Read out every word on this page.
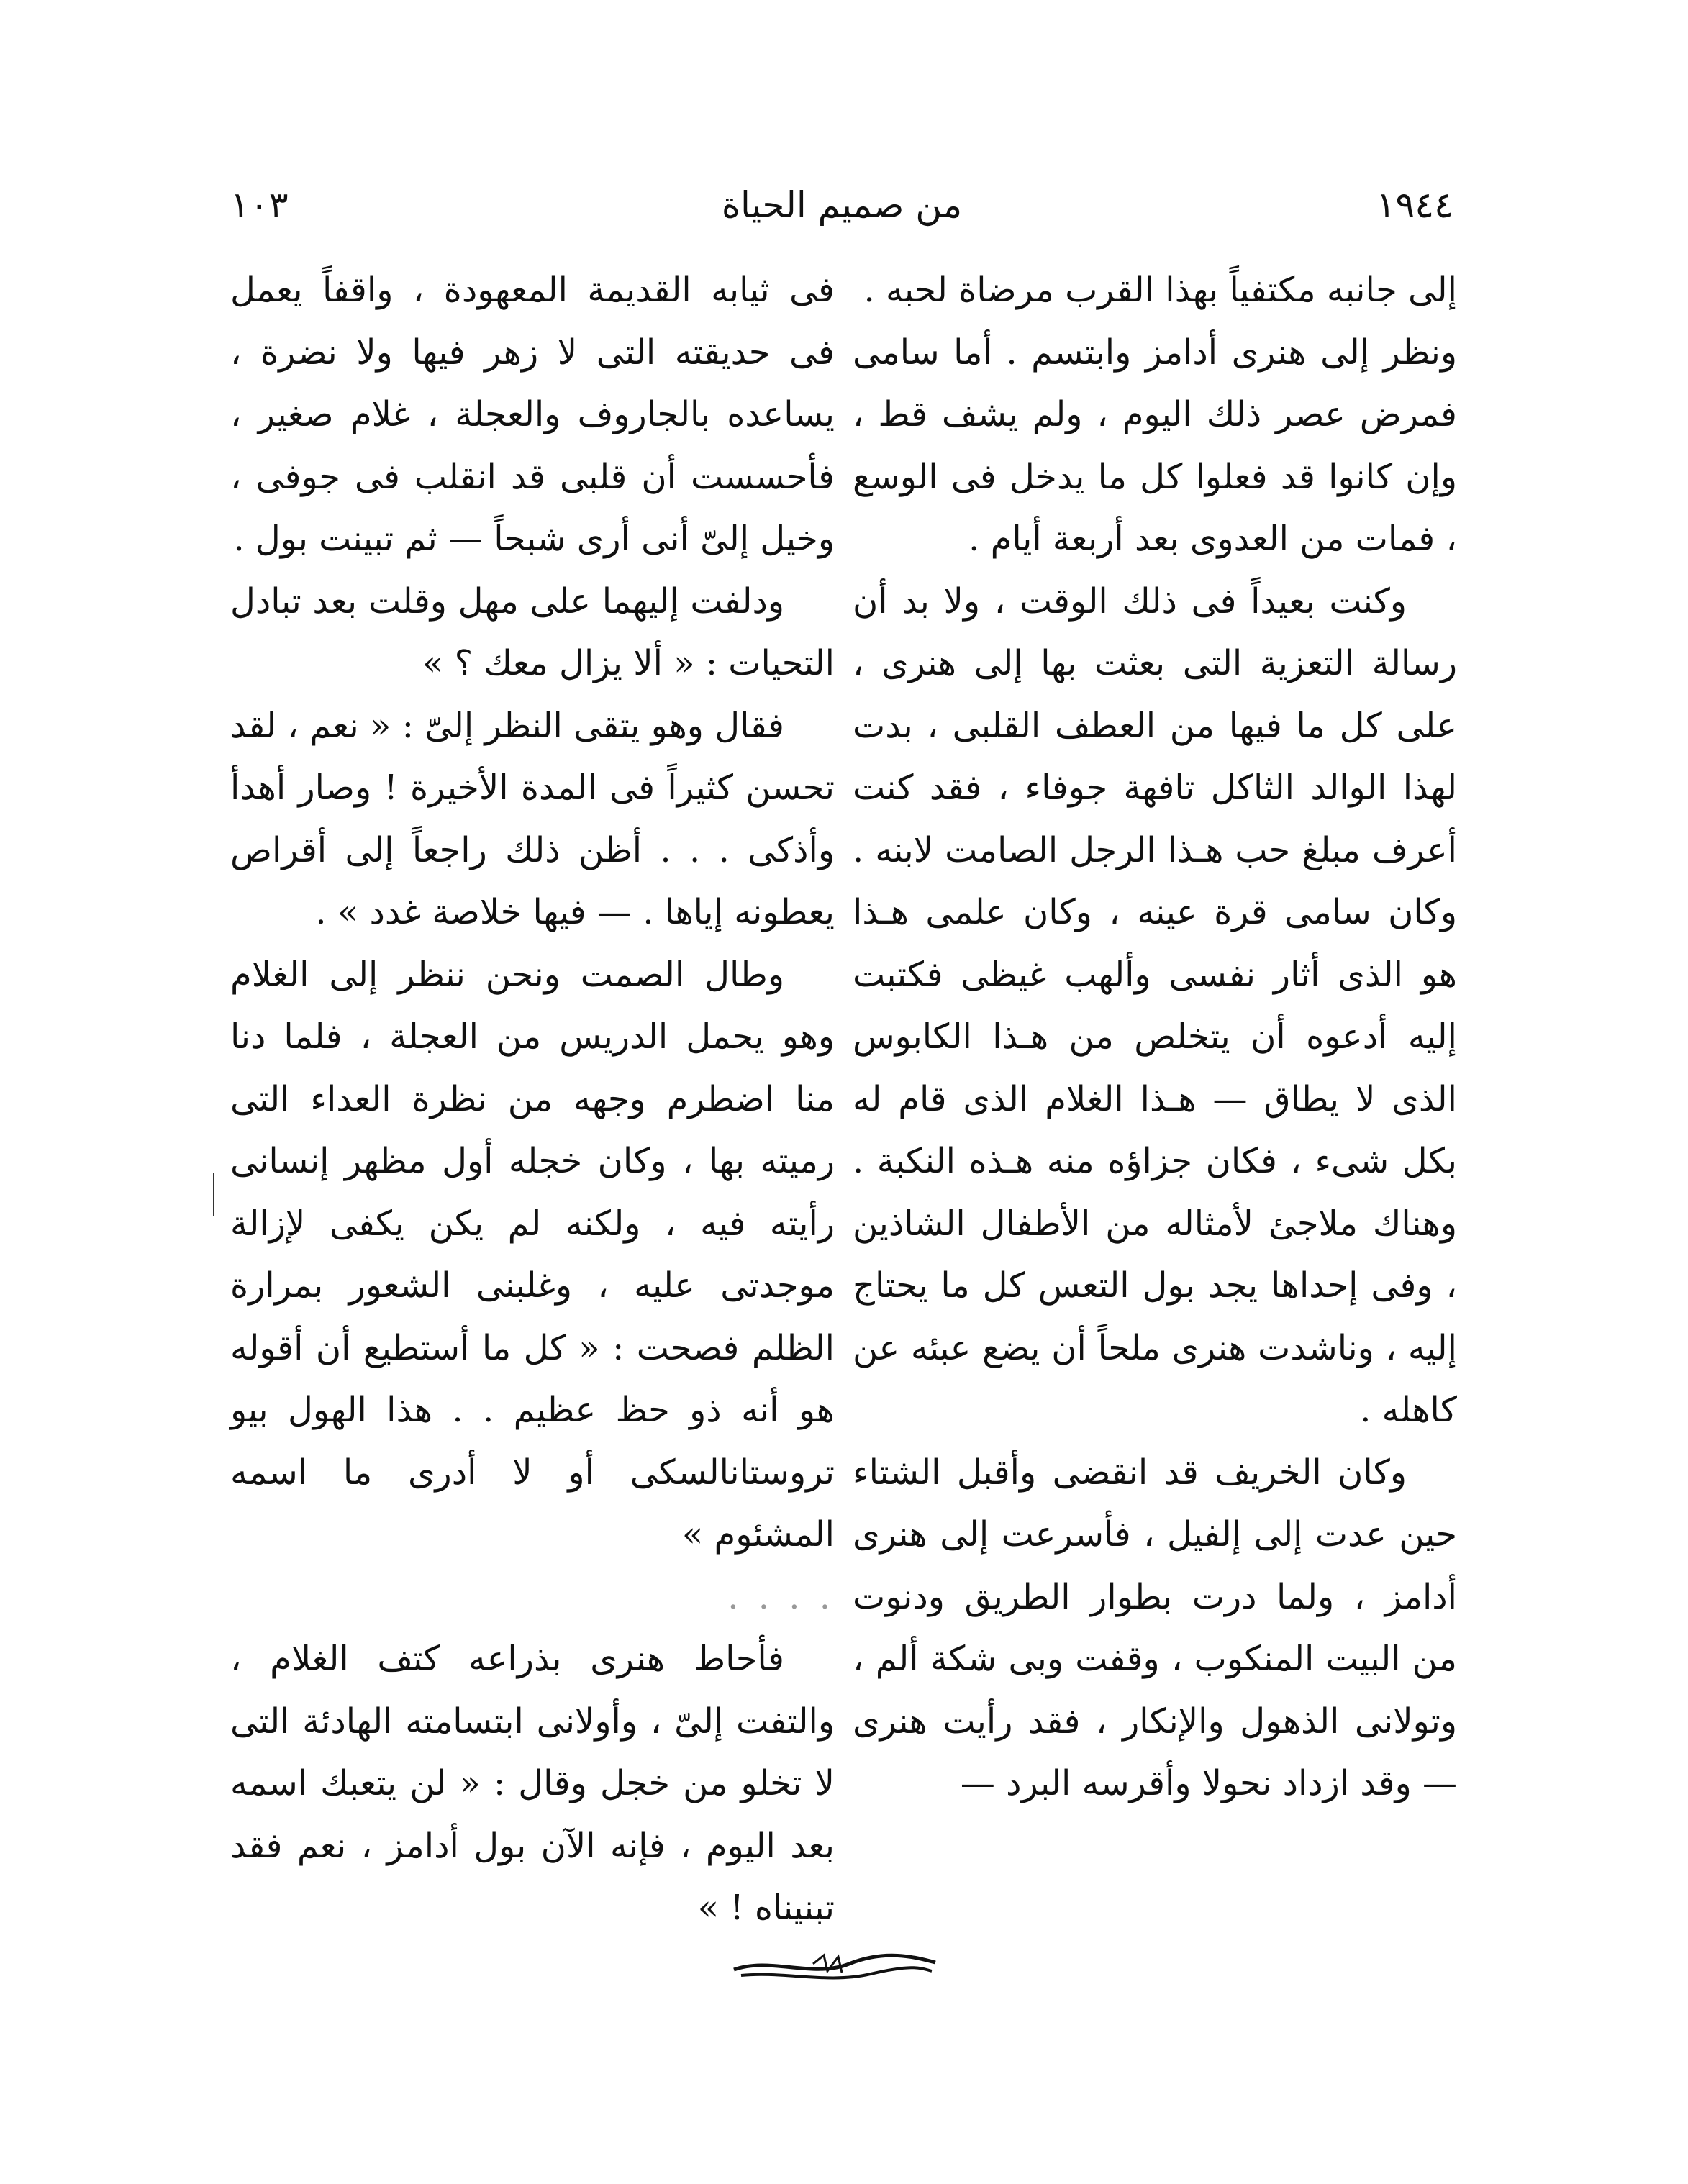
١٩٤٤
من صميم الحياة
١٠٣

إلى جانبه مكتفياً بهذا القرب مرضاة لحبه .

ونظر إلى هنرى أدامز وابتسم . أما سامى فمرض عصر ذلك اليوم ، ولم يشف قط ، وإن كانوا قد فعلوا كل ما يدخل فى الوسع ، فمات من العدوى بعد أربعة أيام .

وكنت بعيداً فى ذلك الوقت ، ولا بد أن رسالة التعزية التى بعثت بها إلى هنرى ، على كل ما فيها من العطف القلبى ، بدت لهذا الوالد الثاكل تافهة جوفاء ، فقد كنت أعرف مبلغ حب هـذا الرجل الصامت لابنه . وكان سامى قرة عينه ، وكان علمى هـذا هو الذى أثار نفسى وألهب غيظى فكتبت إليه أدعوه أن يتخلص من هـذا الكابوس الذى لا يطاق — هـذا الغلام الذى قام له بكل شىء ، فكان جزاؤه منه هـذه النكبة . وهناك ملاجئ لأمثاله من الأطفال الشاذين ، وفى إحداها يجد بول التعس كل ما يحتاج إليه ، وناشدت هنرى ملحاً أن يضع عبئه عن كاهله .

وكان الخريف قد انقضى وأقبل الشتاء حين عدت إلى إلفيل ، فأسرعت إلى هنرى أدامز ، ولما درت بطوار الطريق ودنوت من البيت المنكوب ، وقفت وبى شكة ألم ، وتولانى الذهول والإنكار ، فقد رأيت هنرى — وقد ازداد نحولا وأقرسه البرد —

فى ثيابه القديمة المعهودة ، واقفاً يعمل فى حديقته التى لا زهر فيها ولا نضرة ، يساعده بالجاروف والعجلة ، غلام صغير ، فأحسست أن قلبى قد انقلب فى جوفى ، وخيل إلىّ أنى أرى شبحاً — ثم تبينت بول .

ودلفت إليهما على مهل وقلت بعد تبادل التحيات : « ألا يزال معك ؟ »

فقال وهو يتقى النظر إلىّ : « نعم ، لقد تحسن كثيراً فى المدة الأخيرة ! وصار أهدأ وأذكى . . . أظن ذلك راجعاً إلى أقراص يعطونه إياها . — فيها خلاصة غدد » .

وطال الصمت ونحن ننظر إلى الغلام وهو يحمل الدريس من العجلة ، فلما دنا منا اضطرم وجهه من نظرة العداء التى رميته بها ، وكان خجله أول مظهر إنسانى رأيته فيه ، ولكنه لم يكن يكفى لإزالة موجدتى عليه ، وغلبنى الشعور بمرارة الظلم فصحت : « كل ما أستطيع أن أقوله هو أنه ذو حظ عظيم . . هذا الهول بيو تروستانالسكى أو لا أدرى ما اسمه المشئوم »

. . . .

فأحاط هنرى بذراعه كتف الغلام ، والتفت إلىّ ، وأولانى ابتسامته الهادئة التى لا تخلو من خجل وقال : « لن يتعبك اسمه بعد اليوم ، فإنه الآن بول أدامز ، نعم فقد تبنيناه ! »
